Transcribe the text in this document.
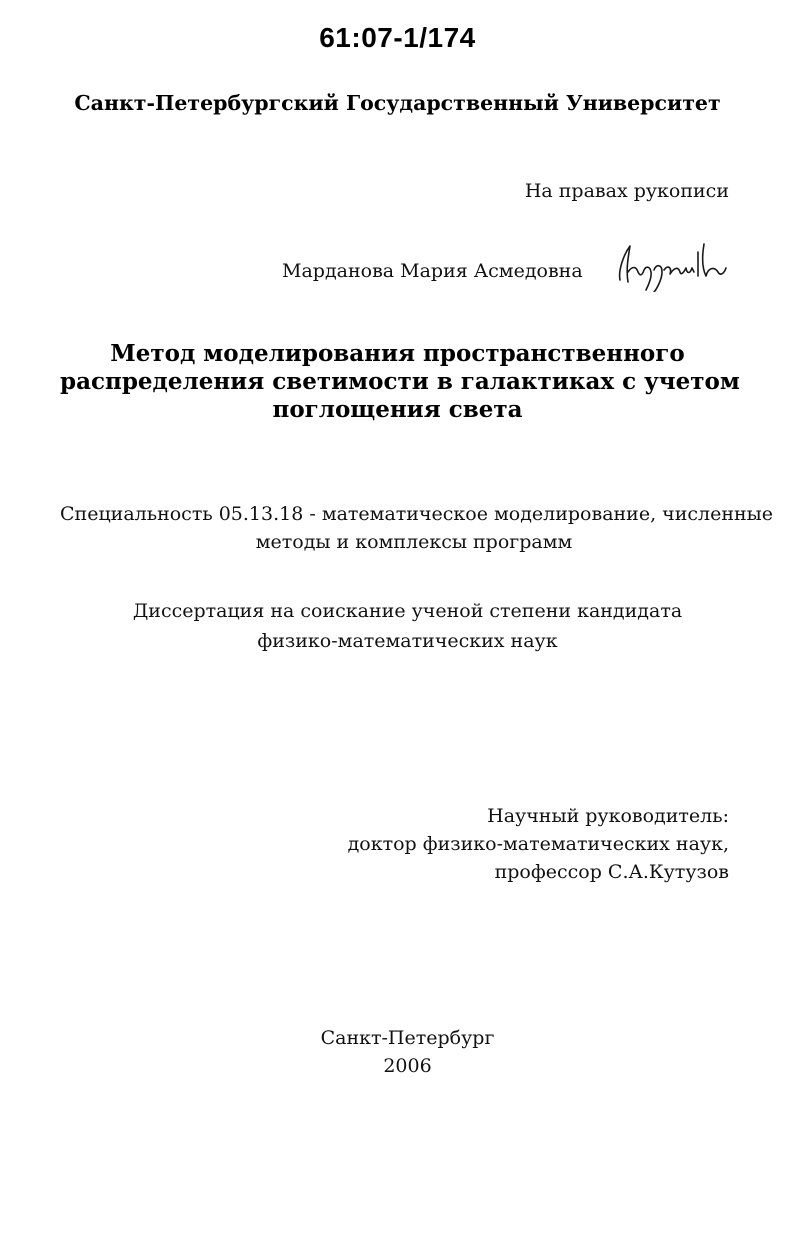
61:07-1/174
Санкт-Петербургский Государственный Университет
На правах рукописи
Марданова Мария Асмедовна
Метод моделирования пространственного
распределения светимости в галактиках с учетом
поглощения света
Специальность 05.13.18 - математическое моделирование, численные
методы и комплексы программ
Диссертация на соискание ученой степени кандидата
физико-математических наук
Научный руководитель:
доктор физико-математических наук,
профессор С.А.Кутузов
Санкт-Петербург
2006
